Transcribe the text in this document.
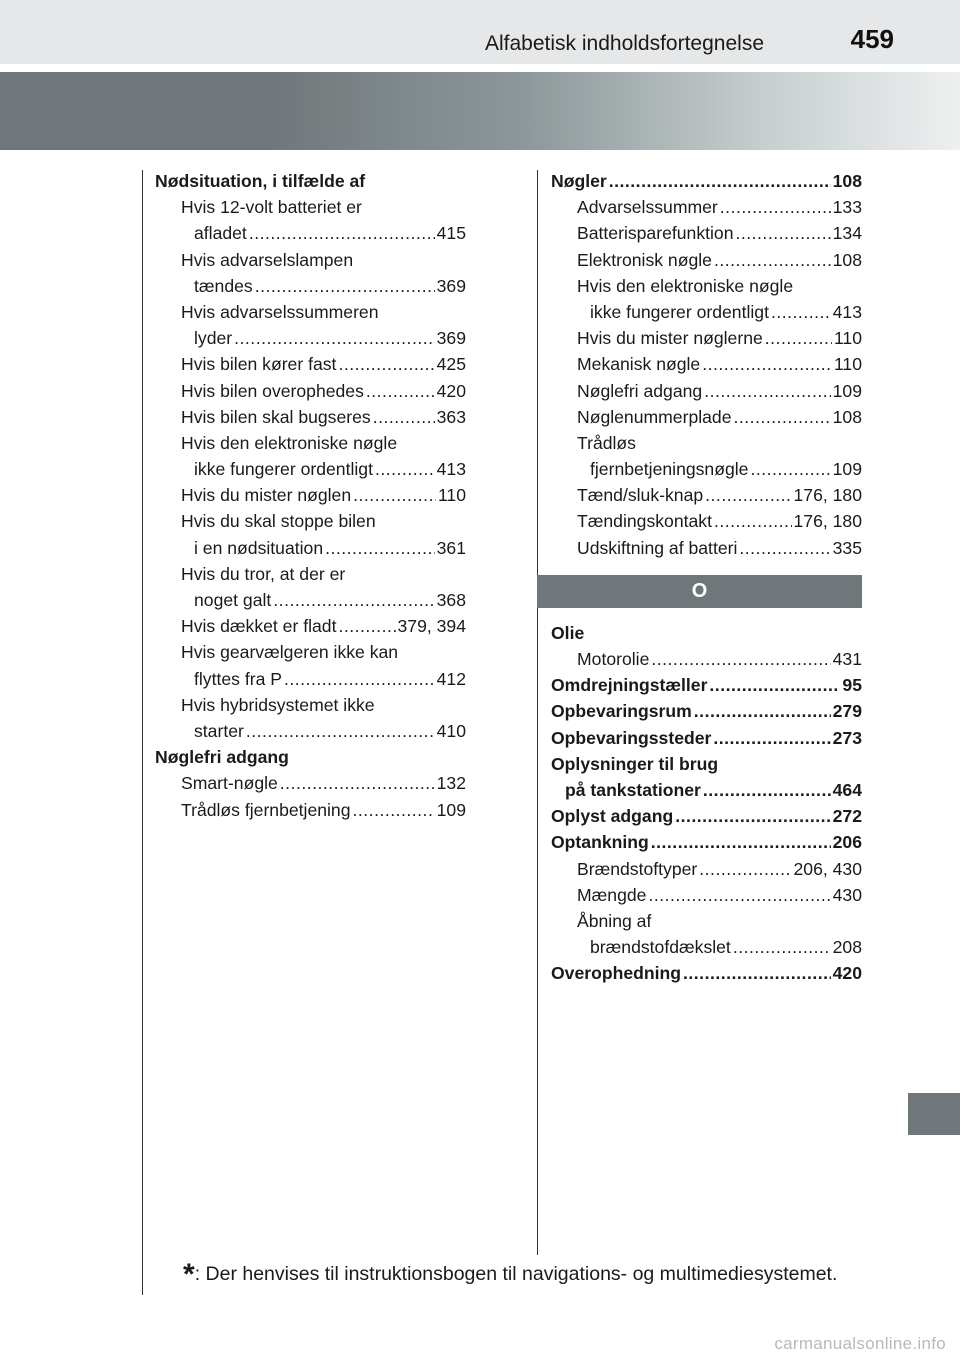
Alfabetisk indholdsfortegnelse	459
Nødsituation, i tilfælde af
Hvis 12-volt batteriet er
afladet .....	415
Hvis advarselslampen
tændes .....	369
Hvis advarselssummeren
lyder .....	369
Hvis bilen kører fast .....	425
Hvis bilen overophedes .....	420
Hvis bilen skal bugseres .....	363
Hvis den elektroniske nøgle
ikke fungerer ordentligt .....	413
Hvis du mister nøglen .....	110
Hvis du skal stoppe bilen
i en nødsituation .....	361
Hvis du tror, at der er
noget galt .....	368
Hvis dækket er fladt .....	379, 394
Hvis gearvælgeren ikke kan
flyttes fra P .....	412
Hvis hybridsystemet ikke
starter .....	410
Nøglefri adgang
Smart-nøgle .....	132
Trådløs fjernbetjening .....	109
Nøgler .....	108
Advarselssummer .....	133
Batterisparefunktion .....	134
Elektronisk nøgle .....	108
Hvis den elektroniske nøgle
ikke fungerer ordentligt .....	413
Hvis du mister nøglerne .....	110
Mekanisk nøgle .....	110
Nøglefri adgang .....	109
Nøglenummerplade .....	108
Trådløs
fjernbetjeningsnøgle .....	109
Tænd/sluk-knap .....	176, 180
Tændingskontakt .....	176, 180
Udskiftning af batteri .....	335
O
Olie
Motorolie .....	431
Omdrejningstæller .....	95
Opbevaringsrum .....	279
Opbevaringssteder .....	273
Oplysninger til brug
på tankstationer .....	464
Oplyst adgang .....	272
Optankning .....	206
Brændstoftyper .....	206, 430
Mængde .....	430
Åbning af
brændstofdækslet .....	208
Overophedning .....	420
*: Der henvises til instruktionsbogen til navigations- og multimediesystemet.
carmanualsonline.info
